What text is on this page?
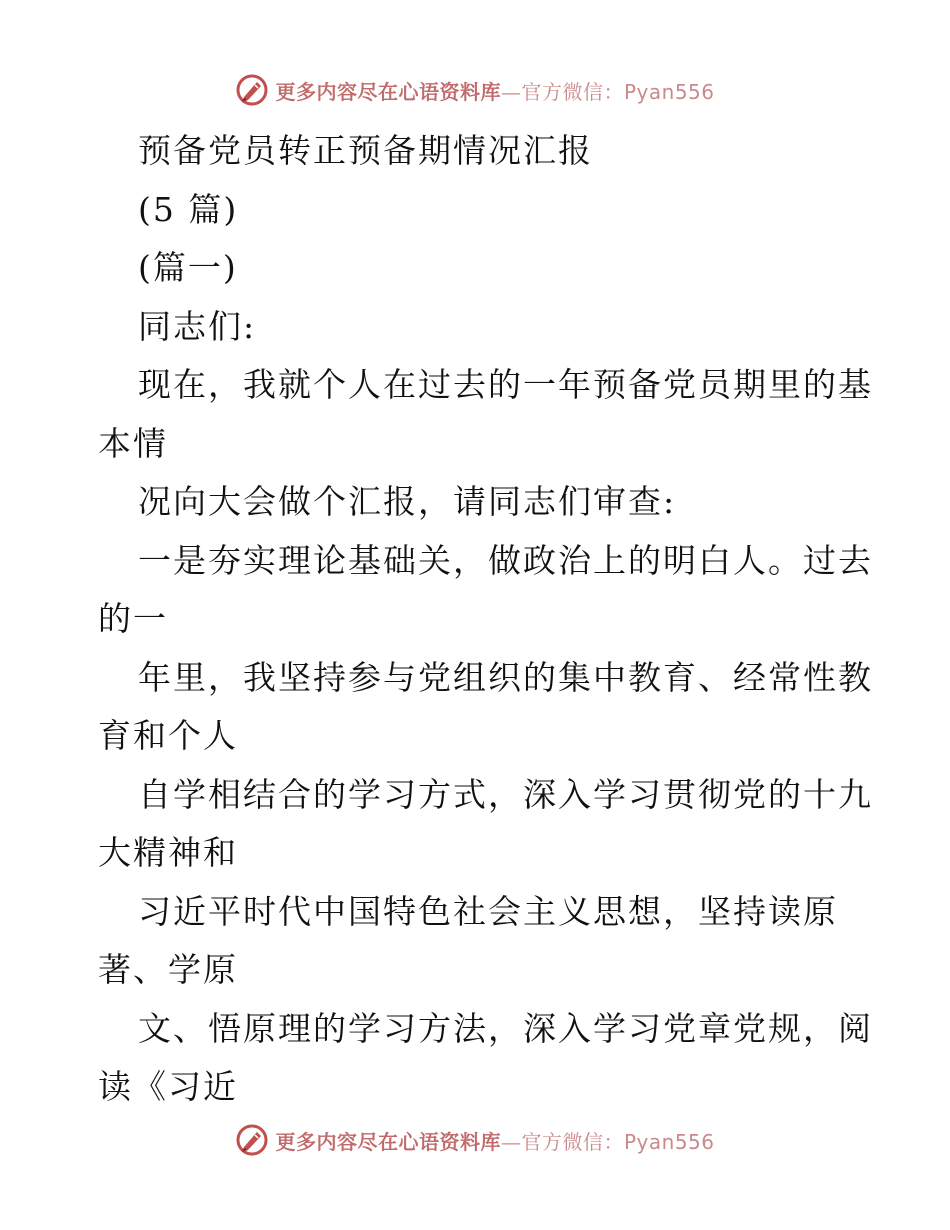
更多内容尽在心语资料库—官方微信：Pyan556
预备党员转正预备期情况汇报
(5 篇)
(篇一)
同志们:
现在，我就个人在过去的一年预备党员期里的基
本情
况向大会做个汇报，请同志们审查:
一是夯实理论基础关，做政治上的明白人。过去
的一
年里，我坚持参与党组织的集中教育、经常性教
育和个人
自学相结合的学习方式，深入学习贯彻党的十九
大精神和
习近平时代中国特色社会主义思想，坚持读原
著、学原
文、悟原理的学习方法，深入学习党章党规，阅
读《习近
更多内容尽在心语资料库—官方微信：Pyan556
